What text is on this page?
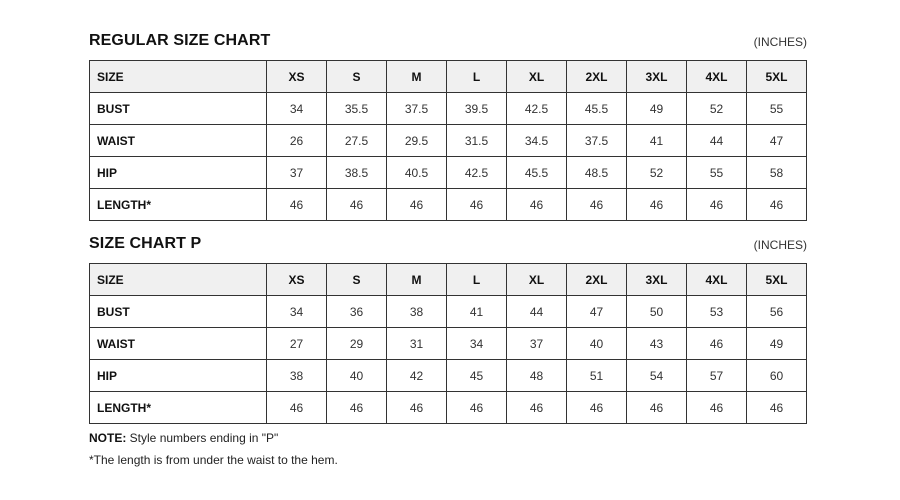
REGULAR SIZE CHART	(INCHES)
SIZE	XS	S	M	L	XL	2XL	3XL	4XL	5XL
BUST	34	35.5	37.5	39.5	42.5	45.5	49	52	55
WAIST	26	27.5	29.5	31.5	34.5	37.5	41	44	47
HIP	37	38.5	40.5	42.5	45.5	48.5	52	55	58
LENGTH*	46	46	46	46	46	46	46	46	46
SIZE CHART P	(INCHES)
SIZE	XS	S	M	L	XL	2XL	3XL	4XL	5XL
BUST	34	36	38	41	44	47	50	53	56
WAIST	27	29	31	34	37	40	43	46	49
HIP	38	40	42	45	48	51	54	57	60
LENGTH*	46	46	46	46	46	46	46	46	46
NOTE: Style numbers ending in "P"
*The length is from under the waist to the hem.
